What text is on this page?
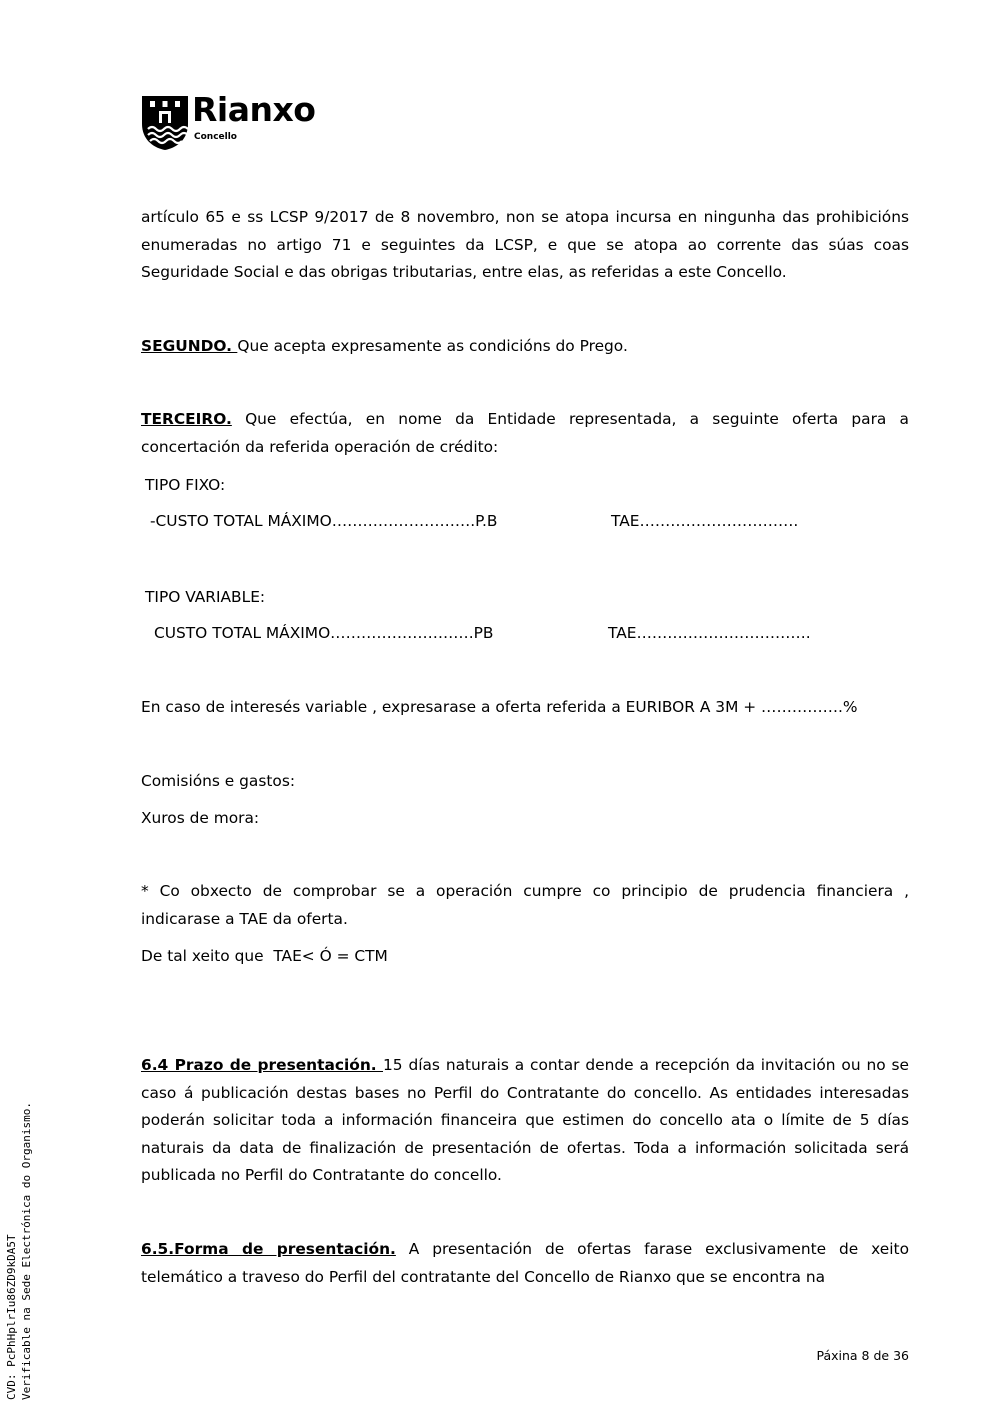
Rianxo
Concello

artículo 65 e ss LCSP 9/2017 de 8 novembro, non se atopa incursa en ningunha das prohibicións enumeradas no artigo 71 e seguintes da LCSP, e que se atopa ao corrente das súas coas Seguridade Social e das obrigas tributarias, entre elas, as referidas a este Concello.

SEGUNDO. Que acepta expresamente as condicións do Prego.

TERCEIRO. Que efectúa, en nome da Entidade representada, a seguinte oferta para a concertación da referida operación de crédito:

TIPO FIXO:
-CUSTO TOTAL MÁXIMO……………………….P.B	TAE………………………….
TIPO VARIABLE:
CUSTO TOTAL MÁXIMO……………………….PB	TAE…………………………….
En caso de interesés variable , expresarase a oferta referida a EURIBOR A 3M + …………….%
Comisións e gastos:
Xuros de mora:

* Co obxecto de comprobar se a operación cumpre co principio de prudencia financiera , indicarase a TAE da oferta.

De tal xeito que  TAE< Ó = CTM

6.4 Prazo de presentación. 15 días naturais a contar dende a recepción da invitación ou no se caso á publicación destas bases no Perfil do Contratante do concello. As entidades interesadas poderán solicitar toda a información financeira que estimen do concello ata o límite de 5 días naturais da data de finalización de presentación de ofertas. Toda a información solicitada será publicada no Perfil do Contratante do concello.

6.5.Forma de presentación. A presentación de ofertas farase exclusivamente de xeito telemático a traveso do Perfil del contratante del Concello de Rianxo que se encontra na

CVD: PcPhHplrIu86ZD9kDA5T Verificable na Sede Electrónica do Organismo.	Páxina 8 de 36
